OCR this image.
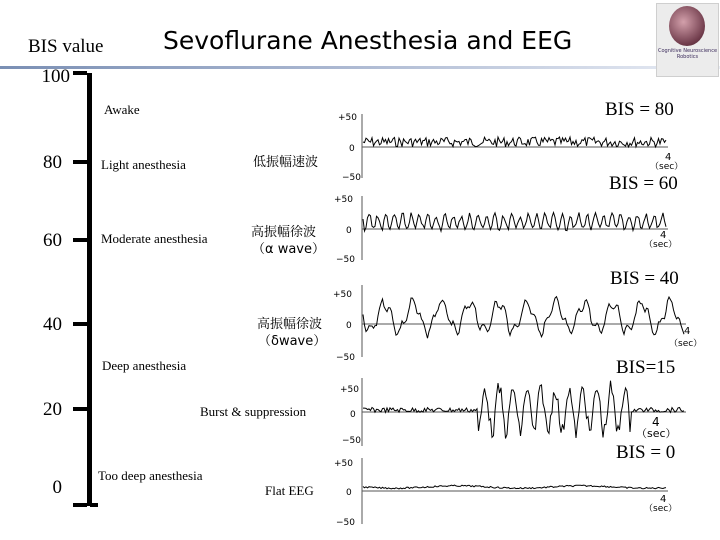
Sevoflurane Anesthesia and EEG
BIS value	Cognitive Neuroscience Robotics
100
80
60
40
20
0
Awake
Light anesthesia
Moderate anesthesia
Deep anesthesia
Too deep anesthesia
BIS = 80
BIS = 60
BIS = 40
BIS=15
BIS = 0
低振幅速波
高振幅徐波
（α wave）
高振幅徐波
（δwave）
Burst & suppression
Flat EEG
+50
0
−50
4
（sec）
+50
0
−50
4
（sec）
+50
0
−50
4
（sec）
+50
0
−50
4
（sec）
+50
0
−50
4
（sec）
